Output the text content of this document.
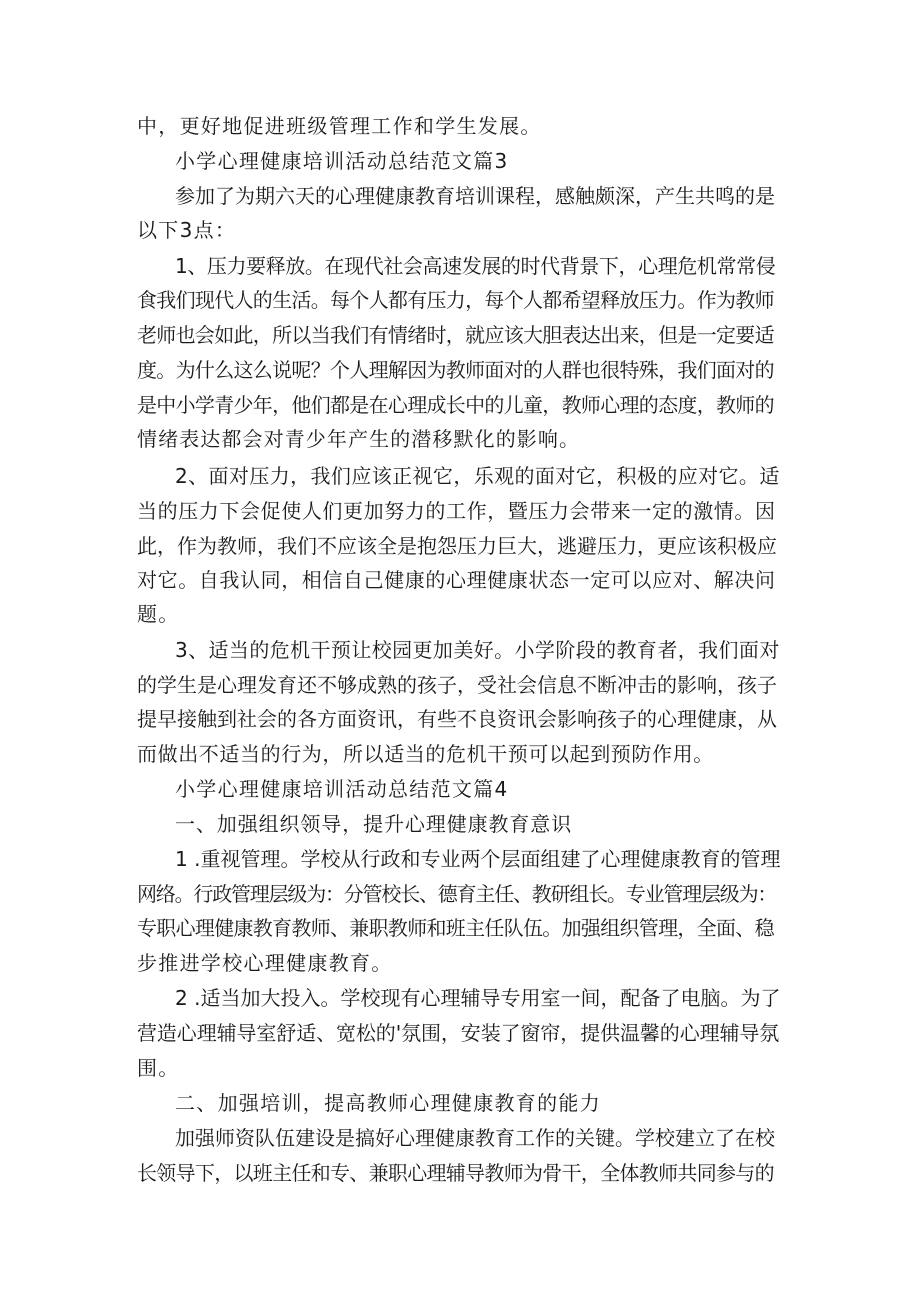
中，更好地促进班级管理工作和学生发展。
小学心理健康培训活动总结范文篇3
参加了为期六天的心理健康教育培训课程，感触颇深，产生共鸣的是
以下3点：
1、压力要释放。在现代社会高速发展的时代背景下，心理危机常常侵
食我们现代人的生活。每个人都有压力，每个人都希望释放压力。作为教师
老师也会如此，所以当我们有情绪时，就应该大胆表达出来，但是一定要适
度。为什么这么说呢？个人理解因为教师面对的人群也很特殊，我们面对的
是中小学青少年，他们都是在心理成长中的儿童，教师心理的态度，教师的
情绪表达都会对青少年产生的潜移默化的影响。
2、面对压力，我们应该正视它，乐观的面对它，积极的应对它。适
当的压力下会促使人们更加努力的工作，暨压力会带来一定的激情。因
此，作为教师，我们不应该全是抱怨压力巨大，逃避压力，更应该积极应
对它。自我认同，相信自己健康的心理健康状态一定可以应对、解决问
题。
3、适当的危机干预让校园更加美好。小学阶段的教育者，我们面对
的学生是心理发育还不够成熟的孩子，受社会信息不断冲击的影响，孩子
提早接触到社会的各方面资讯，有些不良资讯会影响孩子的心理健康，从
而做出不适当的行为，所以适当的危机干预可以起到预防作用。
小学心理健康培训活动总结范文篇4
一、加强组织领导，提升心理健康教育意识
1 .重视管理。学校从行政和专业两个层面组建了心理健康教育的管理
网络。行政管理层级为：分管校长、德育主任、教研组长。专业管理层级为：
专职心理健康教育教师、兼职教师和班主任队伍。加强组织管理，全面、稳
步推进学校心理健康教育。
2 .适当加大投入。学校现有心理辅导专用室一间，配备了电脑。为了
营造心理辅导室舒适、宽松的'氛围，安装了窗帘，提供温馨的心理辅导氛
围。
二、加强培训，提高教师心理健康教育的能力
加强师资队伍建设是搞好心理健康教育工作的关键。学校建立了在校
长领导下，以班主任和专、兼职心理辅导教师为骨干，全体教师共同参与的
